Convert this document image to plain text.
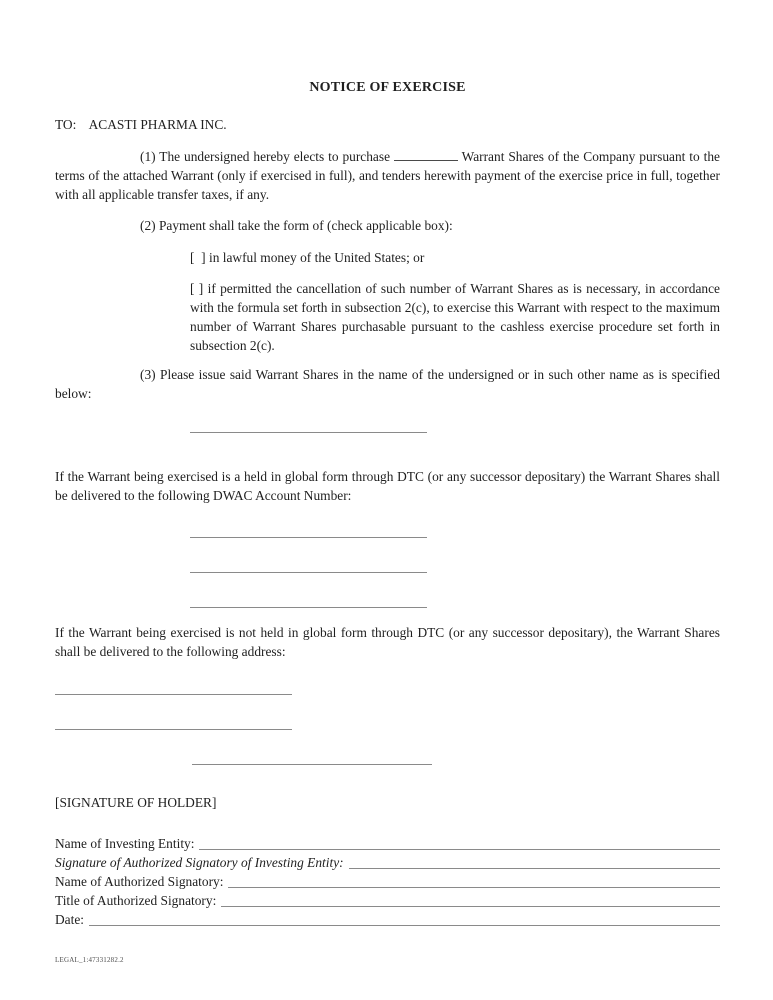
NOTICE OF EXERCISE

TO: ACASTI PHARMA INC.

(1) The undersigned hereby elects to purchase	Warrant Shares of the Company pursuant to the terms of the attached Warrant (only if exercised in full), and tenders herewith payment of the exercise price in full, together with all applicable transfer taxes, if any.

(2) Payment shall take the form of (check applicable box):

[  ] in lawful money of the United States; or

[ ] if permitted the cancellation of such number of Warrant Shares as is necessary, in accordance with the formula set forth in subsection 2(c), to exercise this Warrant with respect to the maximum number of Warrant Shares purchasable pursuant to the cashless exercise procedure set forth in subsection 2(c).

(3) Please issue said Warrant Shares in the name of the undersigned or in such other name as is specified below:

If the Warrant being exercised is a held in global form through DTC (or any successor depositary) the Warrant Shares shall be delivered to the following DWAC Account Number:

If the Warrant being exercised is not held in global form through DTC (or any successor depositary), the Warrant Shares shall be delivered to the following address:

[SIGNATURE OF HOLDER]

Name of Investing Entity:
Signature of Authorized Signatory of Investing Entity:
Name of Authorized Signatory:
Title of Authorized Signatory:
Date:
LEGAL_1:47331282.2
